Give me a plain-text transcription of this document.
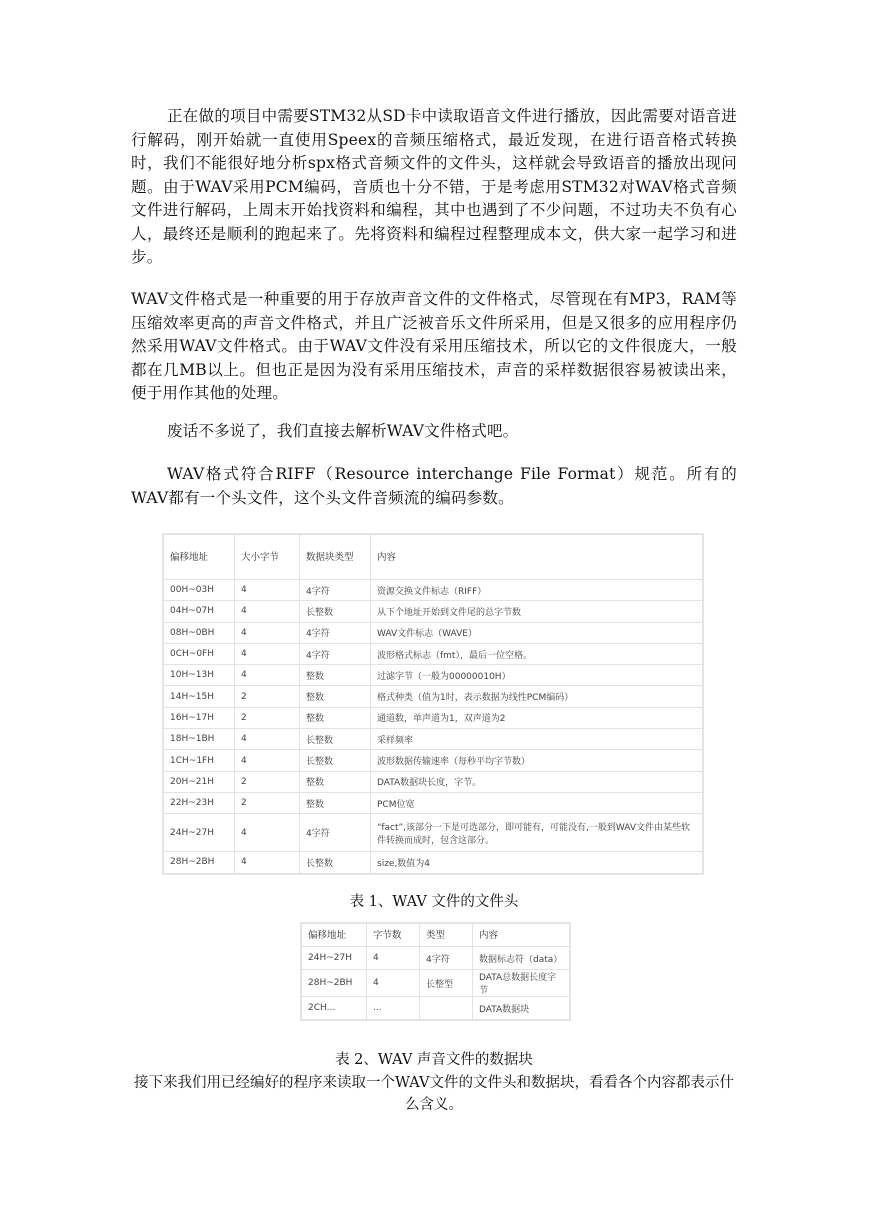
正在做的项目中需要STM32从SD卡中读取语音文件进行播放，因此需要对语音进行解码，刚开始就一直使用Speex的音频压缩格式，最近发现，在进行语音格式转换时，我们不能很好地分析spx格式音频文件的文件头，这样就会导致语音的播放出现问题。由于WAV采用PCM编码，音质也十分不错，于是考虑用STM32对WAV格式音频文件进行解码，上周末开始找资料和编程，其中也遇到了不少问题，不过功夫不负有心人，最终还是顺利的跑起来了。先将资料和编程过程整理成本文，供大家一起学习和进步。

WAV文件格式是一种重要的用于存放声音文件的文件格式，尽管现在有MP3，RAM等压缩效率更高的声音文件格式，并且广泛被音乐文件所采用，但是又很多的应用程序仍然采用WAV文件格式。由于WAV文件没有采用压缩技术，所以它的文件很庞大，一般都在几MB以上。但也正是因为没有采用压缩技术，声音的采样数据很容易被读出来，便于用作其他的处理。

废话不多说了，我们直接去解析WAV文件格式吧。

WAV格式符合RIFF（Resource interchange File Format）规范。所有的WAV都有一个头文件，这个头文件音频流的编码参数。

偏移地址	大小字节	数据块类型	内容
00H~03H	4	4字符	资源交换文件标志（RIFF）
04H~07H	4	长整数	从下个地址开始到文件尾的总字节数
08H~0BH	4	4字符	WAV文件标志（WAVE）
0CH~0FH	4	4字符	波形格式标志（fmt），最后一位空格。
10H~13H	4	整数	过滤字节（一般为00000010H）
14H~15H	2	整数	格式种类（值为1时，表示数据为线性PCM编码）
16H~17H	2	整数	通道数，单声道为1，双声道为2
18H~1BH	4	长整数	采样频率
1CH~1FH	4	长整数	波形数据传输速率（每秒平均字节数）
20H~21H	2	整数	DATA数据块长度，字节。
22H~23H	2	整数	PCM位宽
24H~27H	4	4字符	“fact”,该部分一下是可选部分，即可能有，可能没有,一般到WAV文件由某些软件转换而成时，包含这部分。
28H~2BH	4	长整数	size,数值为4

表 1、WAV 文件的文件头

偏移地址	字节数	类型	内容
24H~27H	4	4字符	数据标志符（data）
28H~2BH	4	长整型	DATA总数据长度字节
2CH...	...		DATA数据块

表 2、WAV 声音文件的数据块

接下来我们用已经编好的程序来读取一个WAV文件的文件头和数据块，看看各个内容都表示什么含义。
